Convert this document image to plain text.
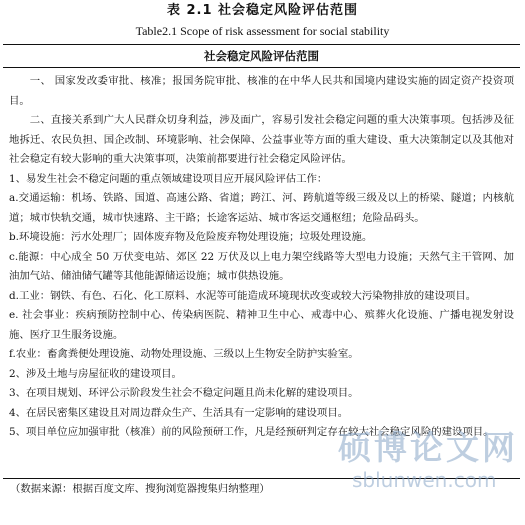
表 2.1 社会稳定风险评估范围
Table2.1 Scope of risk assessment for social stability
社会稳定风险评估范围
一、 国家发改委审批、核准；报国务院审批、核准的在中华人民共和国境内建设实施的固定资产投资项目。
二、直接关系到广大人民群众切身利益，涉及面广，容易引发社会稳定问题的重大决策事项。包括涉及征地拆迁、农民负担、国企改制、环境影响、社会保障、公益事业等方面的重大建设、重大决策制定以及其他对社会稳定有较大影响的重大决策事项，决策前都要进行社会稳定风险评估。
1、易发生社会不稳定问题的重点领域建设项目应开展风险评估工作：
a.交通运输：机场、铁路、国道、高速公路、省道；跨江、河、跨航道等级三级及以上的桥梁、隧道；内核航道；城市快轨交通，城市快速路、主干路；长途客运站、城市客运交通枢纽；危险品码头。
b.环境设施：污水处理厂；固体废弃物及危险废弃物处理设施；垃圾处理设施。
c.能源：中心成全 50 万伏变电站、郊区 22 万伏及以上电力架空线路等大型电力设施；天然气主干管网、加油加气站、储油储气罐等其他能源储运设施；城市供热设施。
d.工业：钢铁、有色、石化、化工原料、水泥等可能造成环境现状改变或较大污染物排放的建设项目。
e. 社会事业：疾病预防控制中心、传染病医院、精神卫生中心、戒毒中心、殡葬火化设施、广播电视发射设施、医疗卫生服务设施。
f.农业：畜禽粪便处理设施、动物处理设施、三级以上生物安全防护实验室。
2、涉及土地与房屋征收的建设项目。
3、在项目规划、环评公示阶段发生社会不稳定问题且尚未化解的建设项目。
4、在居民密集区建设且对周边群众生产、生活具有一定影响的建设项目。
5、项目单位应加强审批（核准）前的风险预研工作，凡是经预研判定存在较大社会稳定风险的建设项目。
（数据来源：根据百度文库、搜狗浏览器搜集归纳整理）
硕博论文网
sblunwen.com
